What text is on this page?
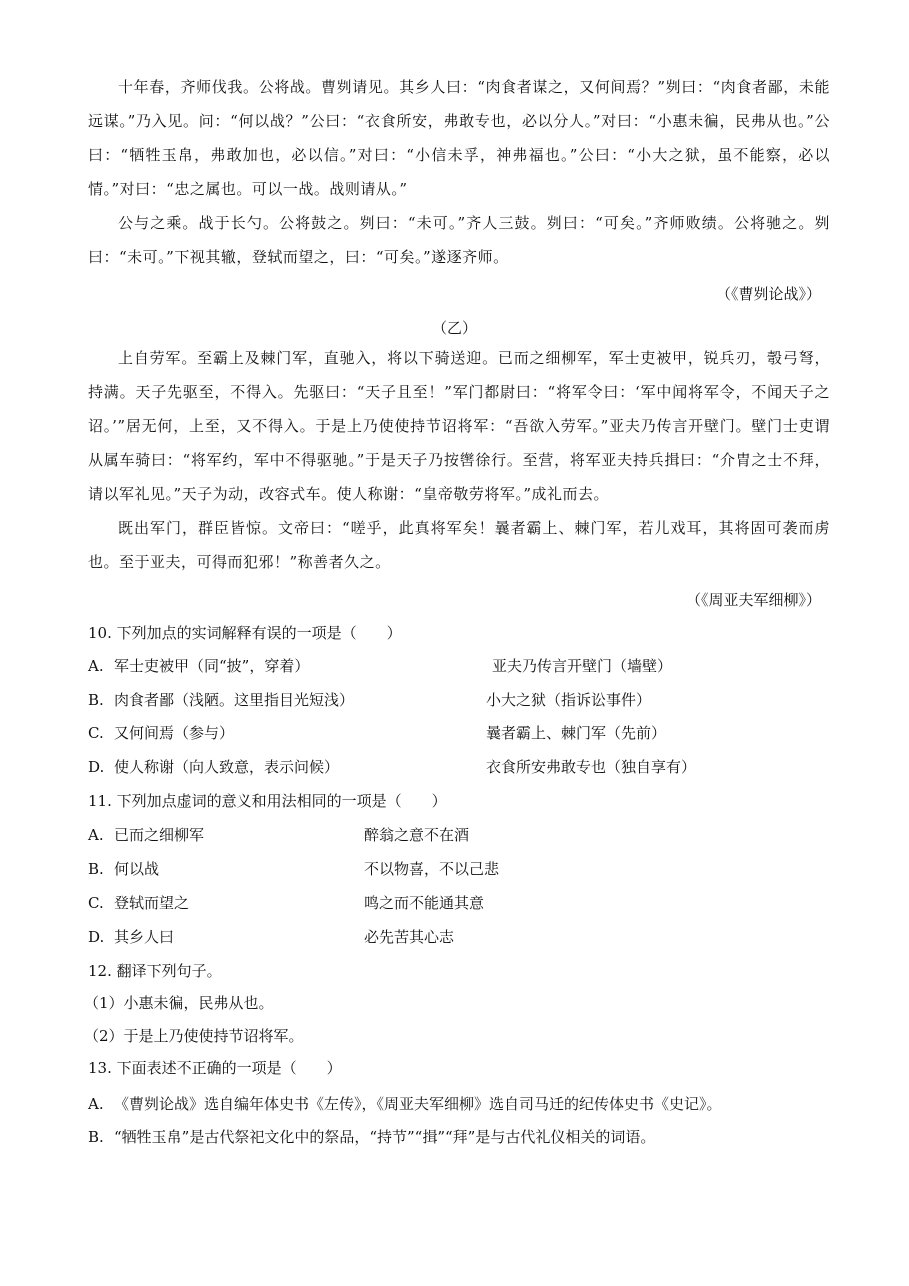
十年春，齐师伐我。公将战。曹刿请见。其乡人曰：“肉食者谋之，又何间焉？”刿曰：“肉食者鄙，未能远谋。”乃入见。问：“何以战？”公曰：“衣食所安，弗敢专也，必以分人。”对曰：“小惠未徧，民弗从也。”公曰：“牺牲玉帛，弗敢加也，必以信。”对曰：“小信未孚，神弗福也。”公曰：“小大之狱，虽不能察，必以情。”对曰：“忠之属也。可以一战。战则请从。”
公与之乘。战于长勺。公将鼓之。刿曰：“未可。”齐人三鼓。刿曰：“可矣。”齐师败绩。公将驰之。刿曰：“未可。”下视其辙，登轼而望之，曰：“可矣。”遂逐齐师。
（《曹刿论战》）
（乙）
上自劳军。至霸上及棘门军，直驰入，将以下骑送迎。已而之细柳军，军士吏被甲，锐兵刃，彀弓弩，持满。天子先驱至，不得入。先驱曰：“天子且至！”军门都尉曰：“将军令曰：‘军中闻将军令，不闻天子之诏。’”居无何，上至，又不得入。于是上乃使使持节诏将军：“吾欲入劳军。”亚夫乃传言开壁门。壁门士吏谓从属车骑曰：“将军约，军中不得驱驰。”于是天子乃按辔徐行。至营，将军亚夫持兵揖曰：“介胄之士不拜，请以军礼见。”天子为动，改容式车。使人称谢：“皇帝敬劳将军。”成礼而去。
既出军门，群臣皆惊。文帝曰：“嗟乎，此真将军矣！曩者霸上、棘门军，若儿戏耳，其将固可袭而虏也。至于亚夫，可得而犯邪！”称善者久之。
（《周亚夫军细柳》）
10. 下列加点的实词解释有误的一项是（　　）
A. 军士吏被甲（同“披”，穿着）	亚夫乃传言开壁门（墙壁）
B. 肉食者鄙（浅陋。这里指目光短浅）	小大之狱（指诉讼事件）
C. 又何间焉（参与）	曩者霸上、棘门军（先前）
D. 使人称谢（向人致意，表示问候）	衣食所安弗敢专也（独自享有）
11. 下列加点虚词的意义和用法相同的一项是（　　）
A. 已而之细柳军	醉翁之意不在酒
B. 何以战	不以物喜，不以己悲
C. 登轼而望之	鸣之而不能通其意
D. 其乡人曰	必先苦其心志
12. 翻译下列句子。
（1）小惠未徧，民弗从也。
（2）于是上乃使使持节诏将军。
13. 下面表述不正确的一项是（　　）
A. 《曹刿论战》选自编年体史书《左传》，《周亚夫军细柳》选自司马迁的纪传体史书《史记》。
B. “牺牲玉帛”是古代祭祀文化中的祭品，“持节”“揖”“拜”是与古代礼仪相关的词语。
